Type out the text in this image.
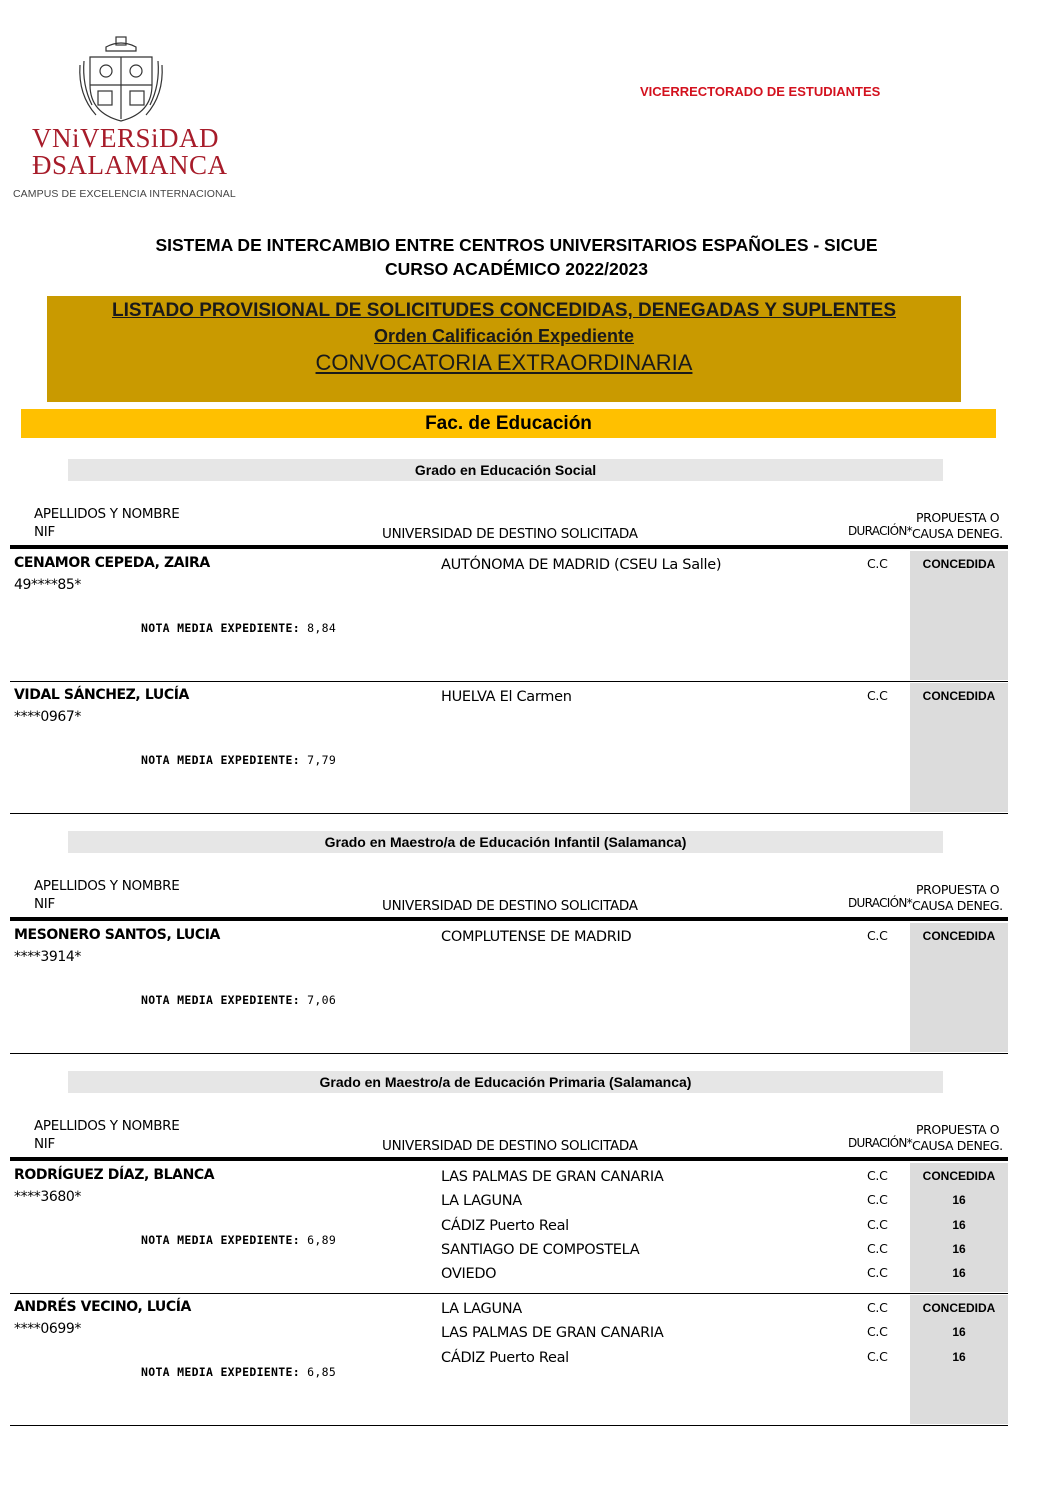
VNiVERSiDAD
ÐSALAMANCA
CAMPUS DE EXCELENCIA INTERNACIONAL
VICERRECTORADO DE ESTUDIANTES
SISTEMA DE INTERCAMBIO ENTRE CENTROS UNIVERSITARIOS ESPAÑOLES - SICUE
CURSO ACADÉMICO 2022/2023
LISTADO PROVISIONAL DE SOLICITUDES CONCEDIDAS, DENEGADAS Y SUPLENTES
Orden Calificación Expediente
CONVOCATORIA EXTRAORDINARIA
Fac. de Educación
Grado en Educación Social
APELLIDOS Y NOMBRE
NIF	UNIVERSIDAD DE DESTINO SOLICITADA	DURACIÓN*
PROPUESTA O
CAUSA DENEG.
CENAMOR CEPEDA, ZAIRA
49****85*
NOTA MEDIA EXPEDIENTE: 8,84
AUTÓNOMA DE MADRID (CSEU La Salle)	C.C	CONCEDIDA
VIDAL SÁNCHEZ, LUCÍA
****0967*
NOTA MEDIA EXPEDIENTE: 7,79
HUELVA El Carmen	C.C	CONCEDIDA
Grado en Maestro/a de Educación Infantil (Salamanca)
APELLIDOS Y NOMBRE
NIF	UNIVERSIDAD DE DESTINO SOLICITADA	DURACIÓN*
PROPUESTA O
CAUSA DENEG.
MESONERO SANTOS, LUCIA
****3914*
NOTA MEDIA EXPEDIENTE: 7,06
COMPLUTENSE DE MADRID	C.C	CONCEDIDA
Grado en Maestro/a de Educación Primaria (Salamanca)
APELLIDOS Y NOMBRE
NIF	UNIVERSIDAD DE DESTINO SOLICITADA	DURACIÓN*
PROPUESTA O
CAUSA DENEG.
RODRÍGUEZ DÍAZ, BLANCA
****3680*
NOTA MEDIA EXPEDIENTE: 6,89
LAS PALMAS DE GRAN CANARIA	C.C	CONCEDIDA
LA LAGUNA	C.C	16
CÁDIZ Puerto Real	C.C	16
SANTIAGO DE COMPOSTELA	C.C	16
OVIEDO	C.C	16
ANDRÉS VECINO, LUCÍA
****0699*
NOTA MEDIA EXPEDIENTE: 6,85
LA LAGUNA	C.C	CONCEDIDA
LAS PALMAS DE GRAN CANARIA	C.C	16
CÁDIZ Puerto Real	C.C	16
